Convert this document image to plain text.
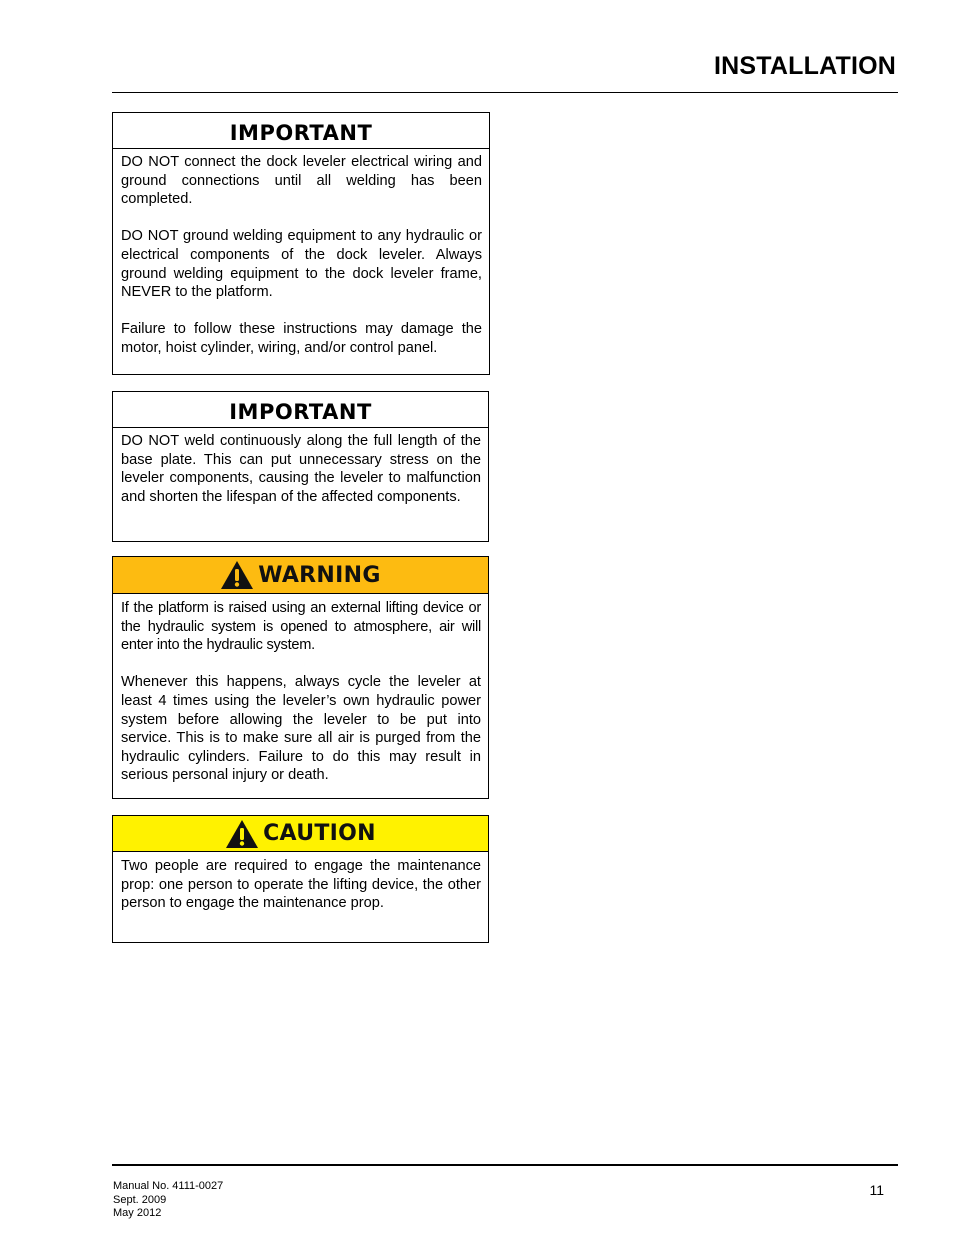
INSTALLATION
IMPORTANT

DO NOT connect the dock leveler electrical wiring and ground connections until all welding has been completed.

DO NOT ground welding equipment to any hydraulic or electrical components of the dock leveler. Always ground welding equipment to the dock leveler frame, NEVER to the platform.

Failure to follow these instructions may damage the motor, hoist cylinder, wiring, and/or control panel.

IMPORTANT

DO NOT weld continuously along the full length of the base plate. This can put unnecessary stress on the leveler components, causing the leveler to malfunction and shorten the lifespan of the affected components.

WARNING

If the platform is raised using an external lifting device or the hydraulic system is opened to atmosphere, air will enter into the hydraulic system.

Whenever this happens, always cycle the leveler at least 4 times using the leveler’s own hydraulic power system before allowing the leveler to be put into service. This is to make sure all air is purged from the hydraulic cylinders. Failure to do this may result in serious personal injury or death.

CAUTION

Two people are required to engage the maintenance prop: one person to operate the lifting device, the other person to engage the maintenance prop.

Manual No. 4111-0027
Sept. 2009
May 2012
11
